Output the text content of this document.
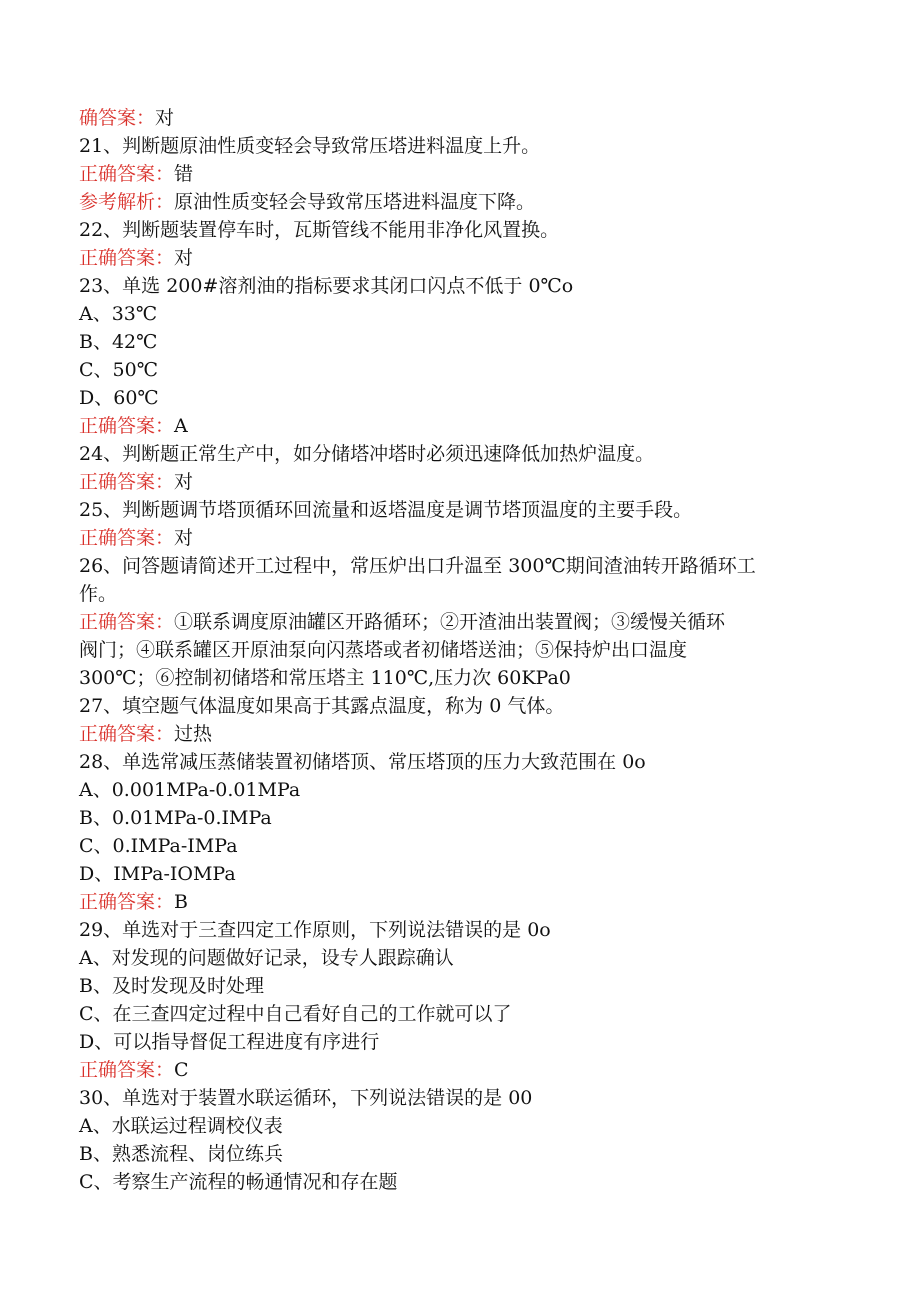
确答案：对
21、判断题原油性质变轻会导致常压塔进料温度上升。
正确答案：错
参考解析：原油性质变轻会导致常压塔进料温度下降。
22、判断题装置停车时，瓦斯管线不能用非净化风置换。
正确答案：对
23、单选 200#溶剂油的指标要求其闭口闪点不低于 0℃o
A、33℃
B、42℃
C、50℃
D、60℃
正确答案：A
24、判断题正常生产中，如分储塔冲塔时必须迅速降低加热炉温度。
正确答案：对
25、判断题调节塔顶循环回流量和返塔温度是调节塔顶温度的主要手段。
正确答案：对
26、问答题请简述开工过程中，常压炉出口升温至 300℃期间渣油转开路循环工
作。
正确答案：①联系调度原油罐区开路循环；②开渣油出装置阀；③缓慢关循环
阀门；④联系罐区开原油泵向闪蒸塔或者初储塔送油；⑤保持炉出口温度
300℃；⑥控制初储塔和常压塔主 110℃,压力次 60KPa0
27、填空题气体温度如果高于其露点温度，称为 0 气体。
正确答案：过热
28、单选常减压蒸储装置初储塔顶、常压塔顶的压力大致范围在 0o
A、0.001MPa-0.01MPa
B、0.01MPa-0.IMPa
C、0.IMPa-IMPa
D、IMPa-IOMPa
正确答案：B
29、单选对于三查四定工作原则，下列说法错误的是 0o
A、对发现的问题做好记录，设专人跟踪确认
B、及时发现及时处理
C、在三查四定过程中自己看好自己的工作就可以了
D、可以指导督促工程进度有序进行
正确答案：C
30、单选对于装置水联运循环，下列说法错误的是 00
A、水联运过程调校仪表
B、熟悉流程、岗位练兵
C、考察生产流程的畅通情况和存在题
